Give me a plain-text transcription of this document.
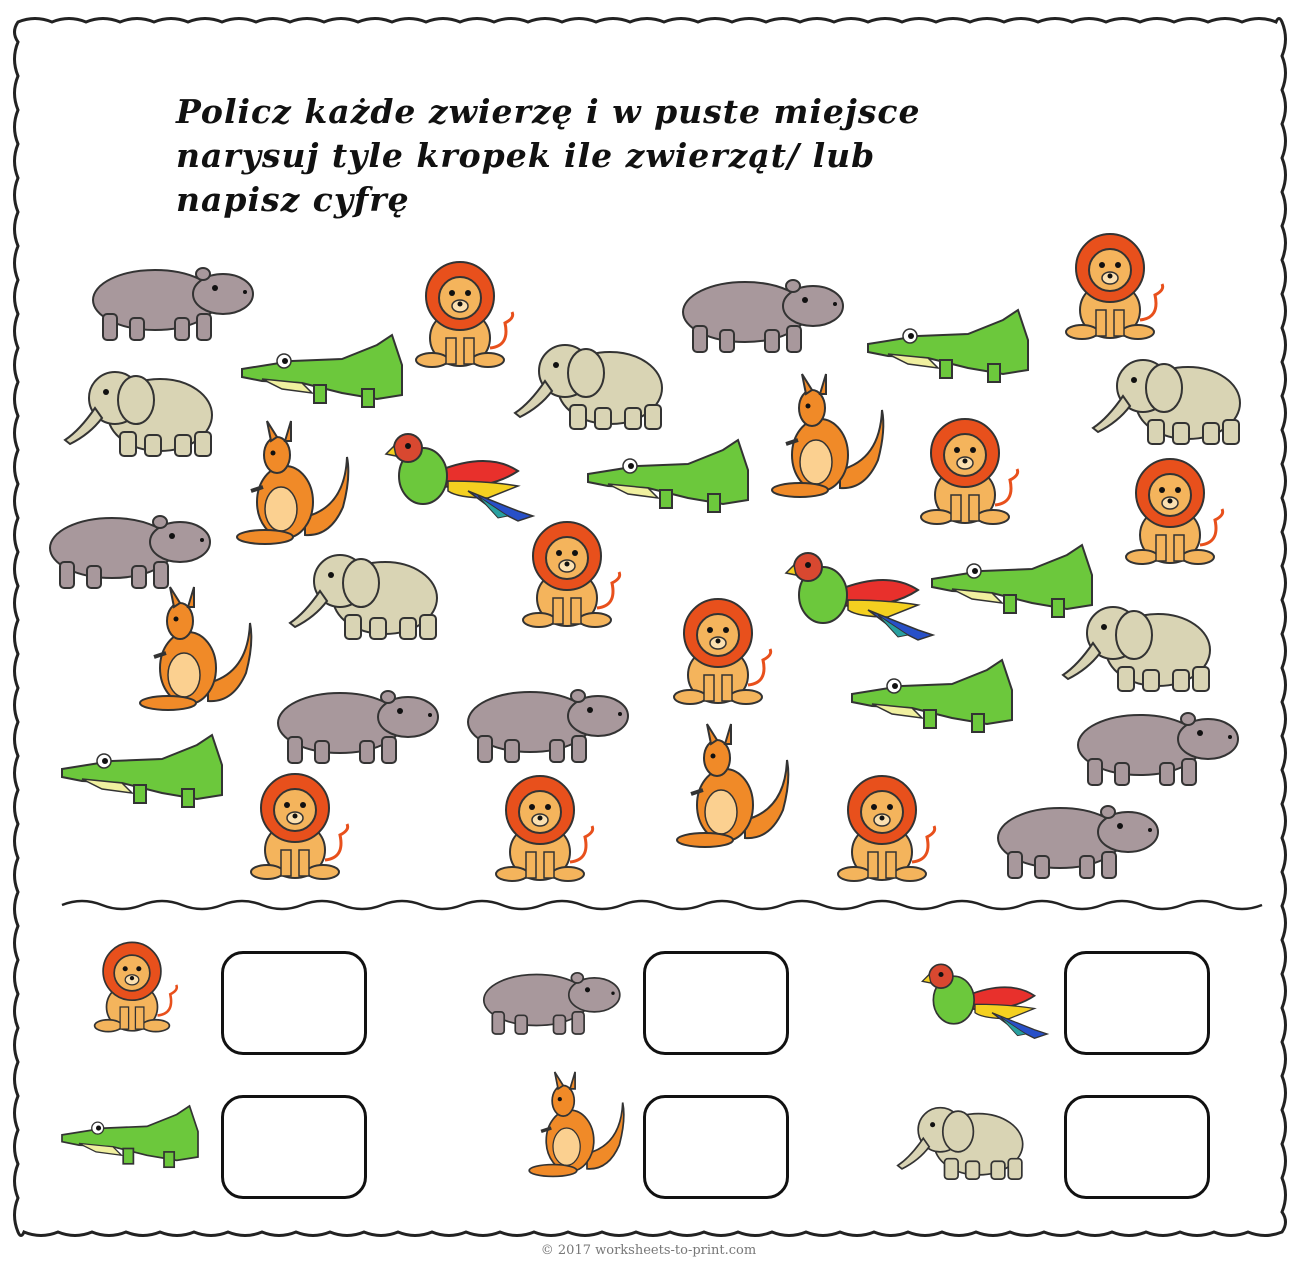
Policz każde zwierzę i w puste miejsce
narysuj tyle kropek ile zwierząt/ lub
napisz cyfrę
© 2017 worksheets-to-print.com
